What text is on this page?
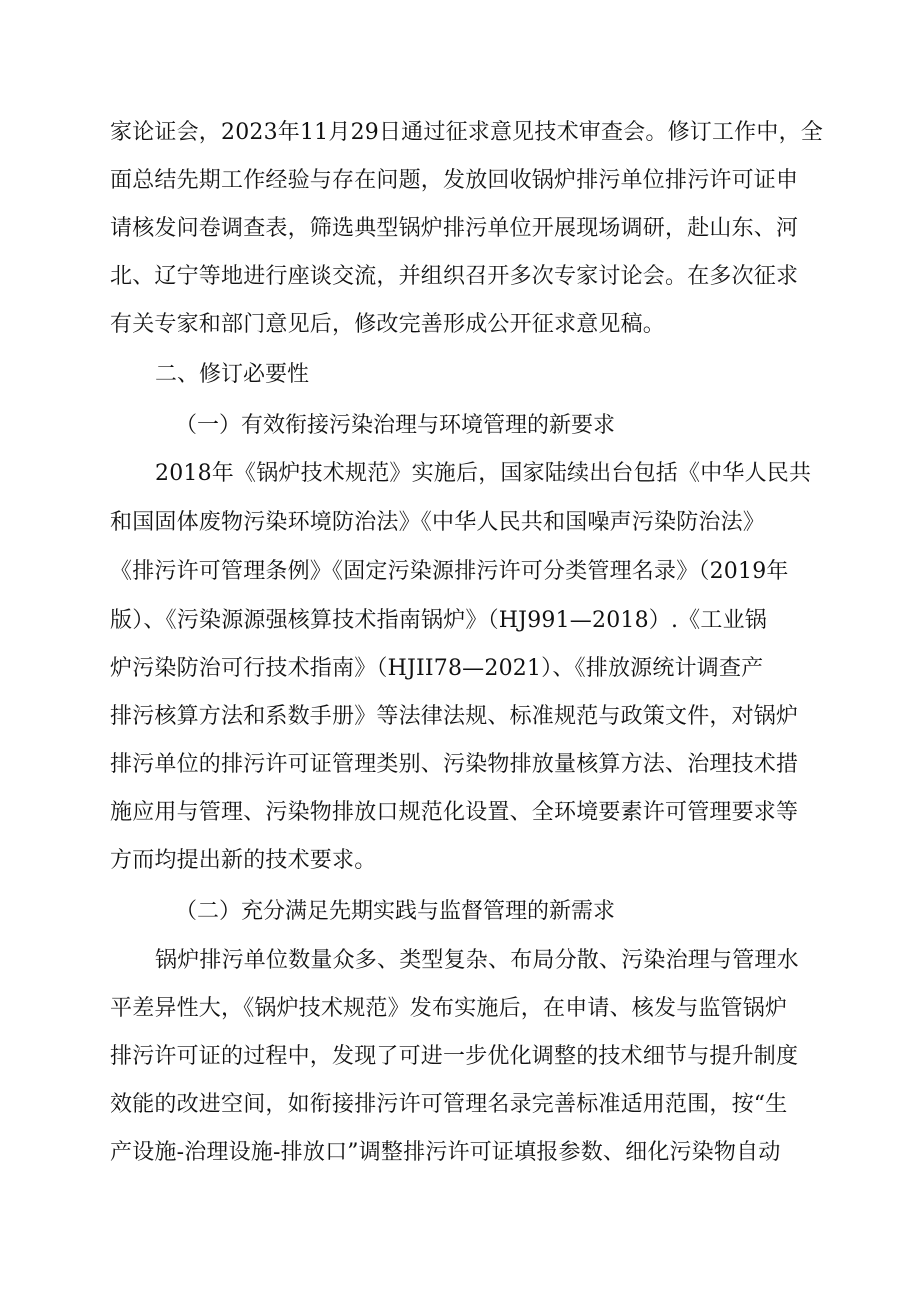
家论证会，2023年11月29日通过征求意见技术审查会。修订工作中，全
面总结先期工作经验与存在问题，发放回收锅炉排污单位排污许可证申
请核发问卷调查表，筛选典型锅炉排污单位开展现场调研，赴山东、河
北、辽宁等地进行座谈交流，并组织召开多次专家讨论会。在多次征求
有关专家和部门意见后，修改完善形成公开征求意见稿。
二、修订必要性
（一）有效衔接污染治理与环境管理的新要求
2018年《锅炉技术规范》实施后，国家陆续出台包括《中华人民共
和国固体废物污染环境防治法》《中华人民共和国噪声污染防治法》
《排污许可管理条例》《固定污染源排污许可分类管理名录》（2019年
版）、《污染源源强核算技术指南锅炉》（HJ991—2018）.《工业锅
炉污染防治可行技术指南》（HJII78—2021）、《排放源统计调查产
排污核算方法和系数手册》等法律法规、标准规范与政策文件，对锅炉
排污单位的排污许可证管理类别、污染物排放量核算方法、治理技术措
施应用与管理、污染物排放口规范化设置、全环境要素许可管理要求等
方而均提出新的技术要求。
（二）充分满足先期实践与监督管理的新需求
锅炉排污单位数量众多、类型复杂、布局分散、污染治理与管理水
平差异性大，《锅炉技术规范》发布实施后，在申请、核发与监管锅炉
排污许可证的过程中，发现了可进一步优化调整的技术细节与提升制度
效能的改进空间，如衔接排污许可管理名录完善标准适用范围，按“生
产设施-治理设施-排放口”调整排污许可证填报参数、细化污染物自动
